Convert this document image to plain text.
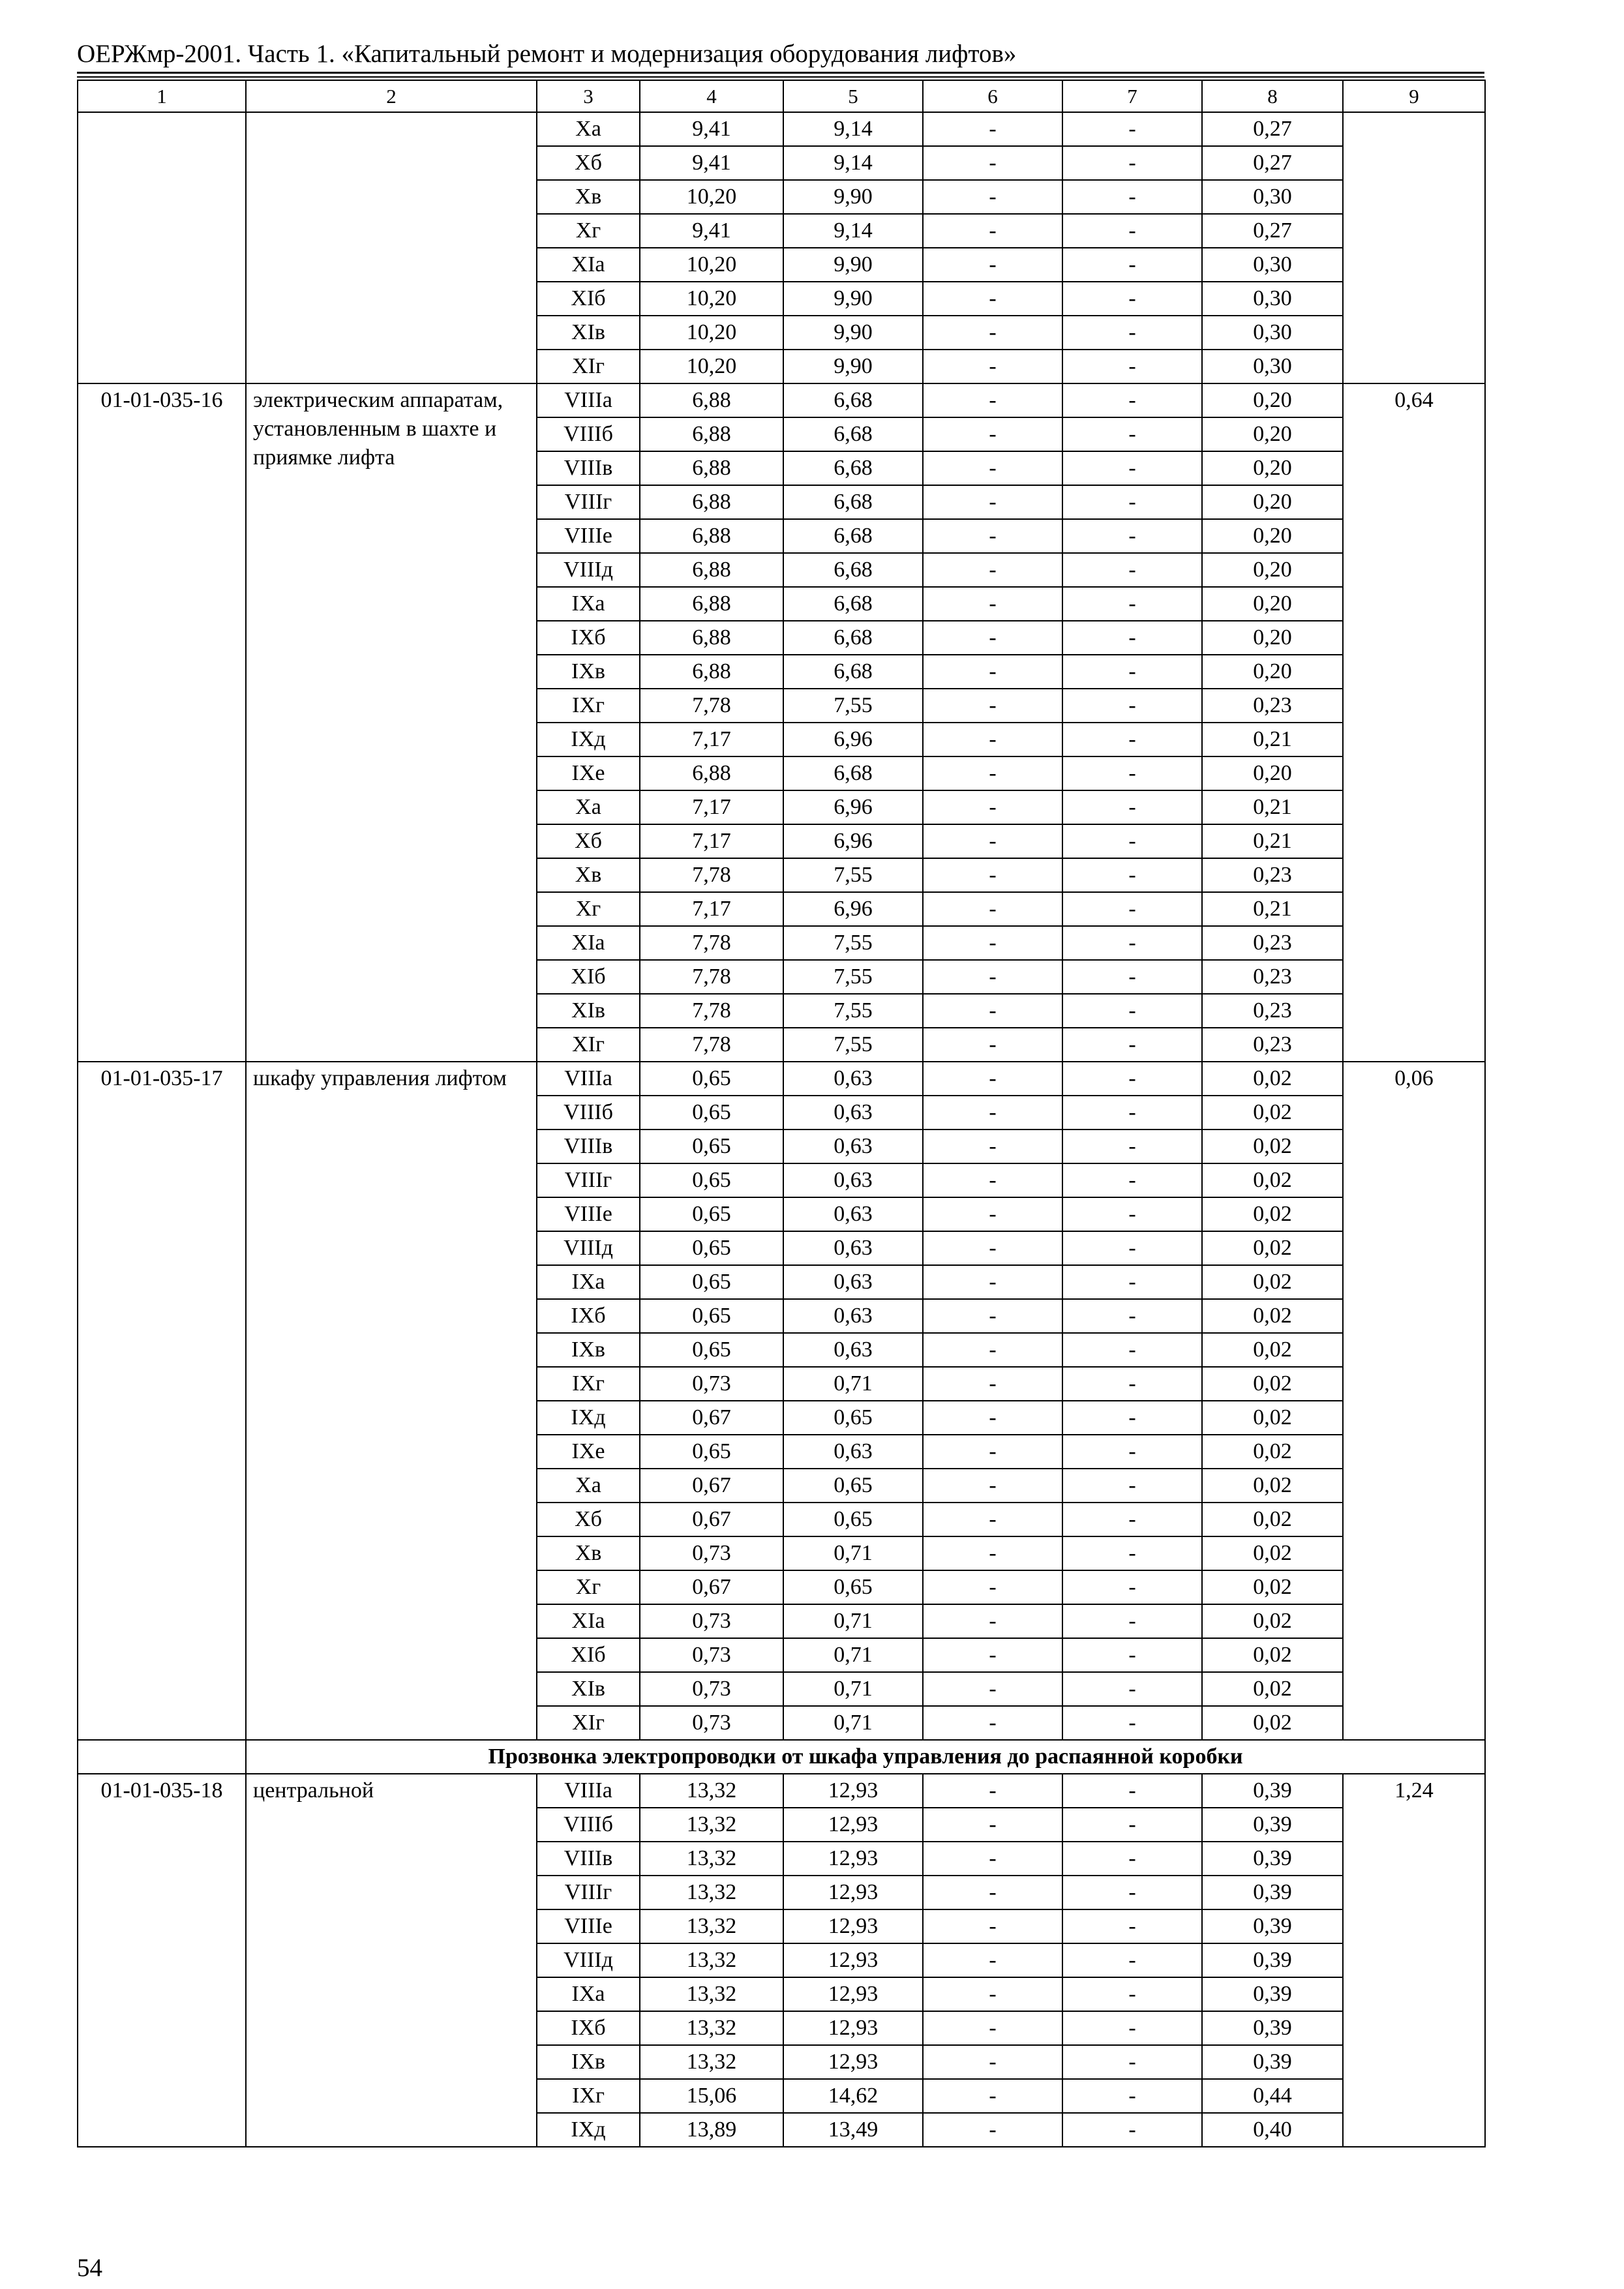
ОЕРЖмр-2001. Часть 1. «Капитальный ремонт и модернизация оборудования лифтов»
1	2	3	4	5	6	7	8	9
		Xа	9,41	9,14	-	-	0,27	
		Xб	9,41	9,14	-	-	0,27	
		Xв	10,20	9,90	-	-	0,30	
		Xг	9,41	9,14	-	-	0,27	
		XIа	10,20	9,90	-	-	0,30	
		XIб	10,20	9,90	-	-	0,30	
		XIв	10,20	9,90	-	-	0,30	
		XIг	10,20	9,90	-	-	0,30	
01-01-035-16	электрическим аппаратам, установленным в шахте и приямке лифта	VIIIа	6,88	6,68	-	-	0,20	0,64
		VIIIб	6,88	6,68	-	-	0,20	
		VIIIв	6,88	6,68	-	-	0,20	
		VIIIг	6,88	6,68	-	-	0,20	
		VIIIе	6,88	6,68	-	-	0,20	
		VIIIд	6,88	6,68	-	-	0,20	
		IXа	6,88	6,68	-	-	0,20	
		IXб	6,88	6,68	-	-	0,20	
		IXв	6,88	6,68	-	-	0,20	
		IXг	7,78	7,55	-	-	0,23	
		IXд	7,17	6,96	-	-	0,21	
		IXе	6,88	6,68	-	-	0,20	
		Xа	7,17	6,96	-	-	0,21	
		Xб	7,17	6,96	-	-	0,21	
		Xв	7,78	7,55	-	-	0,23	
		Xг	7,17	6,96	-	-	0,21	
		XIа	7,78	7,55	-	-	0,23	
		XIб	7,78	7,55	-	-	0,23	
		XIв	7,78	7,55	-	-	0,23	
		XIг	7,78	7,55	-	-	0,23	
01-01-035-17	шкафу управления лифтом	VIIIа	0,65	0,63	-	-	0,02	0,06
		VIIIб	0,65	0,63	-	-	0,02	
		VIIIв	0,65	0,63	-	-	0,02	
		VIIIг	0,65	0,63	-	-	0,02	
		VIIIе	0,65	0,63	-	-	0,02	
		VIIIд	0,65	0,63	-	-	0,02	
		IXа	0,65	0,63	-	-	0,02	
		IXб	0,65	0,63	-	-	0,02	
		IXв	0,65	0,63	-	-	0,02	
		IXг	0,73	0,71	-	-	0,02	
		IXд	0,67	0,65	-	-	0,02	
		IXе	0,65	0,63	-	-	0,02	
		Xа	0,67	0,65	-	-	0,02	
		Xб	0,67	0,65	-	-	0,02	
		Xв	0,73	0,71	-	-	0,02	
		Xг	0,67	0,65	-	-	0,02	
		XIа	0,73	0,71	-	-	0,02	
		XIб	0,73	0,71	-	-	0,02	
		XIв	0,73	0,71	-	-	0,02	
		XIг	0,73	0,71	-	-	0,02	
	Прозвонка электропроводки от шкафа управления до распаянной коробки							
01-01-035-18	центральной	VIIIа	13,32	12,93	-	-	0,39	1,24
		VIIIб	13,32	12,93	-	-	0,39	
		VIIIв	13,32	12,93	-	-	0,39	
		VIIIг	13,32	12,93	-	-	0,39	
		VIIIе	13,32	12,93	-	-	0,39	
		VIIIд	13,32	12,93	-	-	0,39	
		IXа	13,32	12,93	-	-	0,39	
		IXб	13,32	12,93	-	-	0,39	
		IXв	13,32	12,93	-	-	0,39	
		IXг	15,06	14,62	-	-	0,44	
		IXд	13,89	13,49	-	-	0,40	
54
